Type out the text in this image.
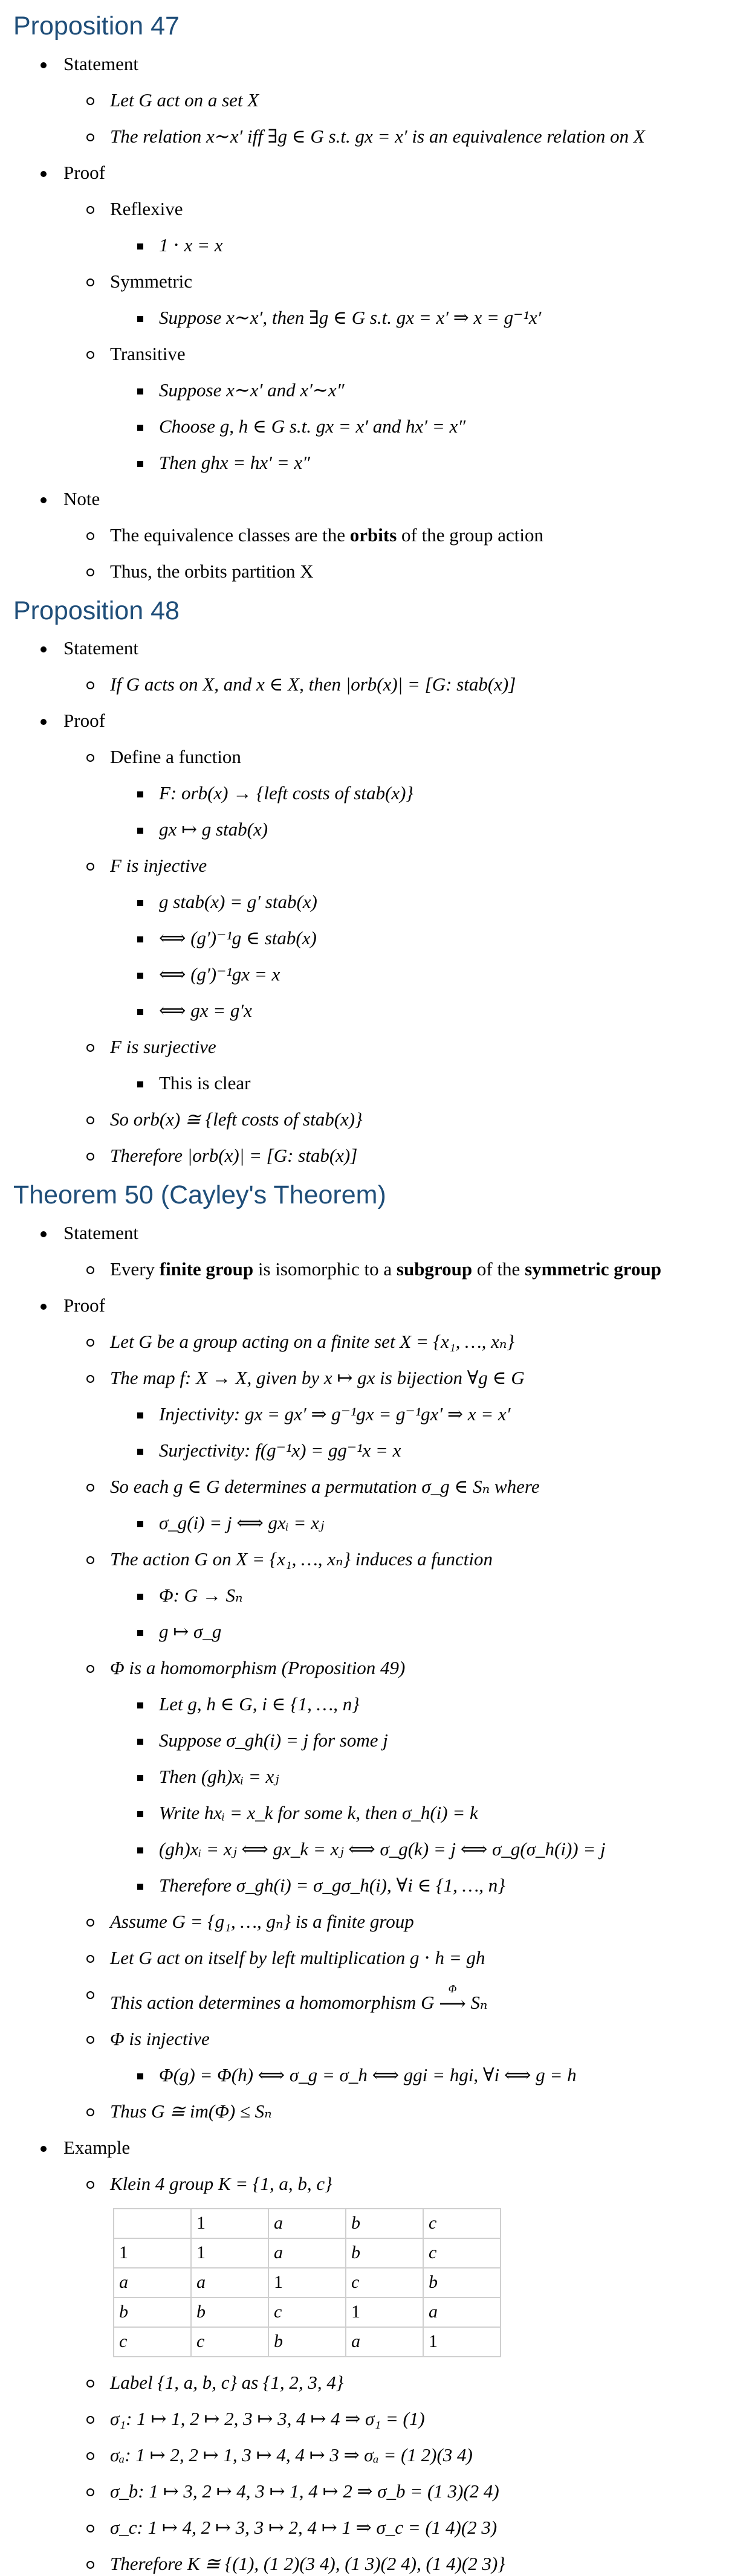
Proposition 47
Statement
Let G act on a set X
The relation x∼x′ iff ∃g ∈ G s.t. gx = x′ is an equivalence relation on X
Proof
Reflexive
1 ⋅ x = x
Symmetric
Suppose x∼x′, then ∃g ∈ G s.t. gx = x′ ⇒ x = g⁻¹x′
Transitive
Suppose x∼x′ and x′∼x″
Choose g, h ∈ G s.t. gx = x′ and hx′ = x″
Then ghx = hx′ = x″
Note
The equivalence classes are the orbits of the group action
Thus, the orbits partition X
Proposition 48
Statement
If G acts on X, and x ∈ X, then |orb(x)| = [G: stab(x)]
Proof
Define a function
F: orb(x) → {left costs of stab(x)}
gx ↦ g stab(x)
F is injective
g stab(x) = g′ stab(x)
⟺ (g′)⁻¹g ∈ stab(x)
⟺ (g′)⁻¹gx = x
⟺ gx = g′x
F is surjective
This is clear
So orb(x) ≅ {left costs of stab(x)}
Therefore |orb(x)| = [G: stab(x)]
Theorem 50 (Cayley's Theorem)
Statement
Every finite group is isomorphic to a subgroup of the symmetric group
Proof
Let G be a group acting on a finite set X = {x₁, …, xₙ}
The map f: X → X, given by x ↦ gx is bijection ∀g ∈ G
Injectivity: gx = gx′ ⇒ g⁻¹gx = g⁻¹gx′ ⇒ x = x′
Surjectivity: f(g⁻¹x) = gg⁻¹x = x
So each g ∈ G determines a permutation σ_g ∈ Sₙ where
σ_g(i) = j ⟺ gxᵢ = xⱼ
The action G on X = {x₁, …, xₙ} induces a function
Φ: G → Sₙ
g ↦ σ_g
Φ is a homomorphism (Proposition 49)
Let g, h ∈ G, i ∈ {1, …, n}
Suppose σ_gh(i) = j for some j
Then (gh)xᵢ = xⱼ
Write hxᵢ = x_k for some k, then σ_h(i) = k
(gh)xᵢ = xⱼ ⟺ gx_k = xⱼ ⟺ σ_g(k) = j ⟺ σ_g(σ_h(i)) = j
Therefore σ_gh(i) = σ_gσ_h(i), ∀i ∈ {1, …, n}
Assume G = {g₁, …, gₙ} is a finite group
Let G act on itself by left multiplication g ⋅ h = gh
This action determines a homomorphism G
Φ
⟶ Sₙ
Φ is injective
Φ(g) = Φ(h) ⟺ σ_g = σ_h ⟺ ggi = hgi, ∀i ⟺ g = h
Thus G ≅ im(Φ) ≤ Sₙ
Example
Klein 4 group K = {1, a, b, c}
	1	a	b	c
1	1	a	b	c
a	a	1	c	b
b	b	c	1	a
c	c	b	a	1
Label {1, a, b, c} as {1, 2, 3, 4}
σ₁: 1 ↦ 1, 2 ↦ 2, 3 ↦ 3, 4 ↦ 4 ⇒ σ₁ = (1)
σₐ: 1 ↦ 2, 2 ↦ 1, 3 ↦ 4, 4 ↦ 3 ⇒ σₐ = (1 2)(3 4)
σ_b: 1 ↦ 3, 2 ↦ 4, 3 ↦ 1, 4 ↦ 2 ⇒ σ_b = (1 3)(2 4)
σ_c: 1 ↦ 4, 2 ↦ 3, 3 ↦ 2, 4 ↦ 1 ⇒ σ_c = (1 4)(2 3)
Therefore K ≅ {(1), (1 2)(3 4), (1 3)(2 4), (1 4)(2 3)}
